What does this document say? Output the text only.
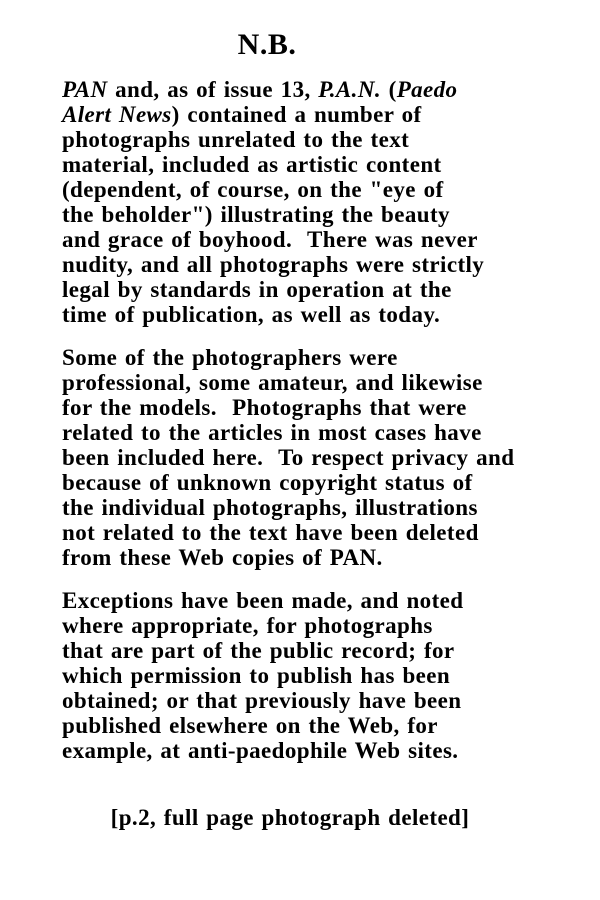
N.B.
PAN and, as of issue 13, P.A.N. (Paedo
Alert News) contained a number of
photographs unrelated to the text
material, included as artistic content
(dependent, of course, on the "eye of
the beholder") illustrating the beauty
and grace of boyhood.  There was never
nudity, and all photographs were strictly
legal by standards in operation at the
time of publication, as well as today.
Some of the photographers were
professional, some amateur, and likewise
for the models.  Photographs that were
related to the articles in most cases have
been included here.  To respect privacy and
because of unknown copyright status of
the individual photographs, illustrations
not related to the text have been deleted
from these Web copies of PAN.
Exceptions have been made, and noted
where appropriate, for photographs
that are part of the public record; for
which permission to publish has been
obtained; or that previously have been
published elsewhere on the Web, for
example, at anti-paedophile Web sites.
[p.2, full page photograph deleted]
